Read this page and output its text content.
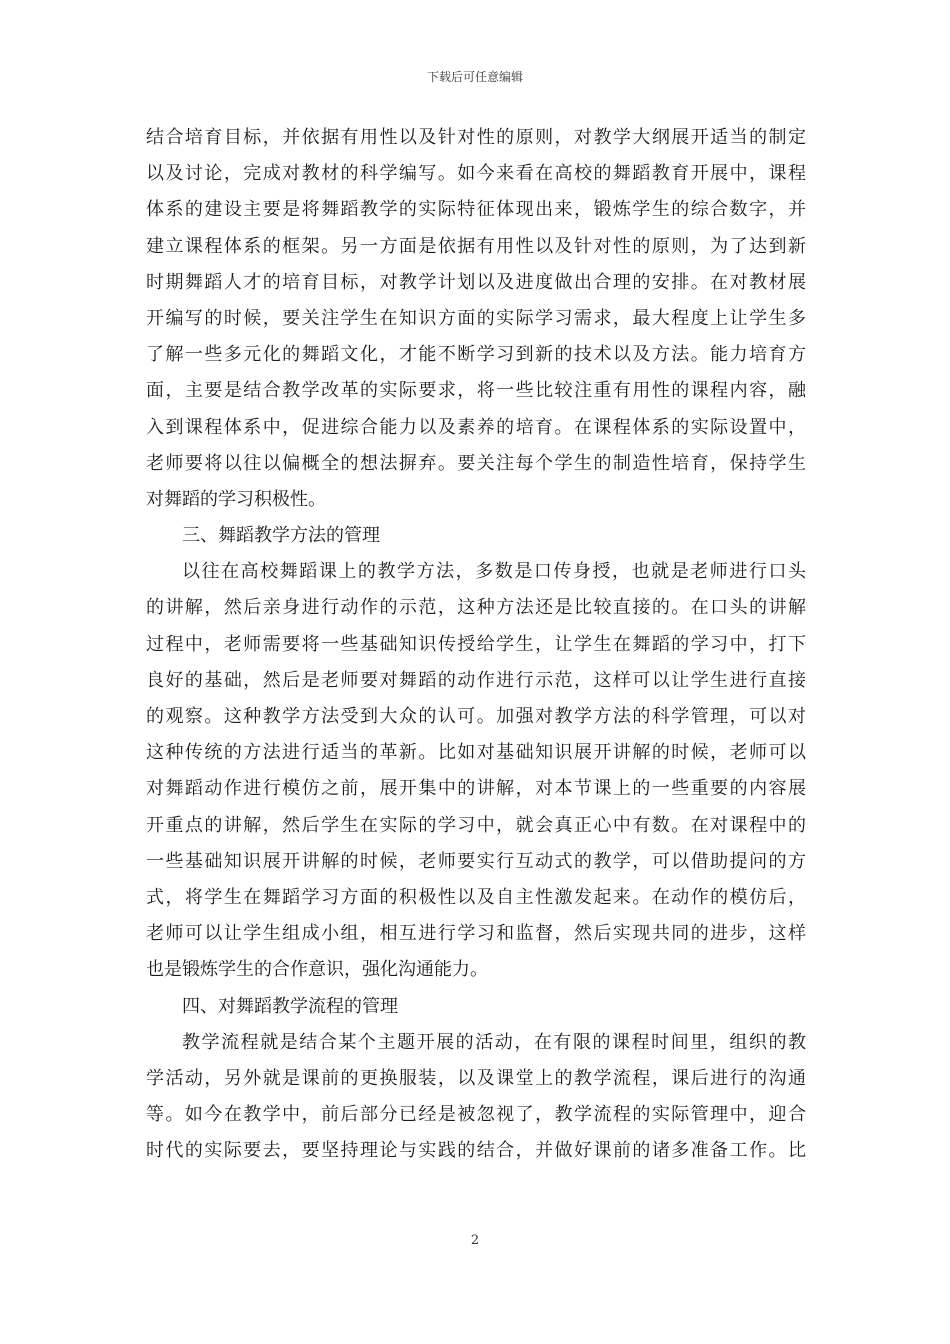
下载后可任意编辑
结合培育目标，并依据有用性以及针对性的原则，对教学大纲展开适当的制定
以及讨论，完成对教材的科学编写。如今来看在高校的舞蹈教育开展中，课程
体系的建设主要是将舞蹈教学的实际特征体现出来，锻炼学生的综合数字，并
建立课程体系的框架。另一方面是依据有用性以及针对性的原则，为了达到新
时期舞蹈人才的培育目标，对教学计划以及进度做出合理的安排。在对教材展
开编写的时候，要关注学生在知识方面的实际学习需求，最大程度上让学生多
了解一些多元化的舞蹈文化，才能不断学习到新的技术以及方法。能力培育方
面，主要是结合教学改革的实际要求，将一些比较注重有用性的课程内容，融
入到课程体系中，促进综合能力以及素养的培育。在课程体系的实际设置中，
老师要将以往以偏概全的想法摒弃。要关注每个学生的制造性培育，保持学生
对舞蹈的学习积极性。
三、舞蹈教学方法的管理
以往在高校舞蹈课上的教学方法，多数是口传身授，也就是老师进行口头
的讲解，然后亲身进行动作的示范，这种方法还是比较直接的。在口头的讲解
过程中，老师需要将一些基础知识传授给学生，让学生在舞蹈的学习中，打下
良好的基础，然后是老师要对舞蹈的动作进行示范，这样可以让学生进行直接
的观察。这种教学方法受到大众的认可。加强对教学方法的科学管理，可以对
这种传统的方法进行适当的革新。比如对基础知识展开讲解的时候，老师可以
对舞蹈动作进行模仿之前，展开集中的讲解，对本节课上的一些重要的内容展
开重点的讲解，然后学生在实际的学习中，就会真正心中有数。在对课程中的
一些基础知识展开讲解的时候，老师要实行互动式的教学，可以借助提问的方
式，将学生在舞蹈学习方面的积极性以及自主性激发起来。在动作的模仿后，
老师可以让学生组成小组，相互进行学习和监督，然后实现共同的进步，这样
也是锻炼学生的合作意识，强化沟通能力。
四、对舞蹈教学流程的管理
教学流程就是结合某个主题开展的活动，在有限的课程时间里，组织的教
学活动，另外就是课前的更换服装，以及课堂上的教学流程，课后进行的沟通
等。如今在教学中，前后部分已经是被忽视了，教学流程的实际管理中，迎合
时代的实际要去，要坚持理论与实践的结合，并做好课前的诸多准备工作。比
2
